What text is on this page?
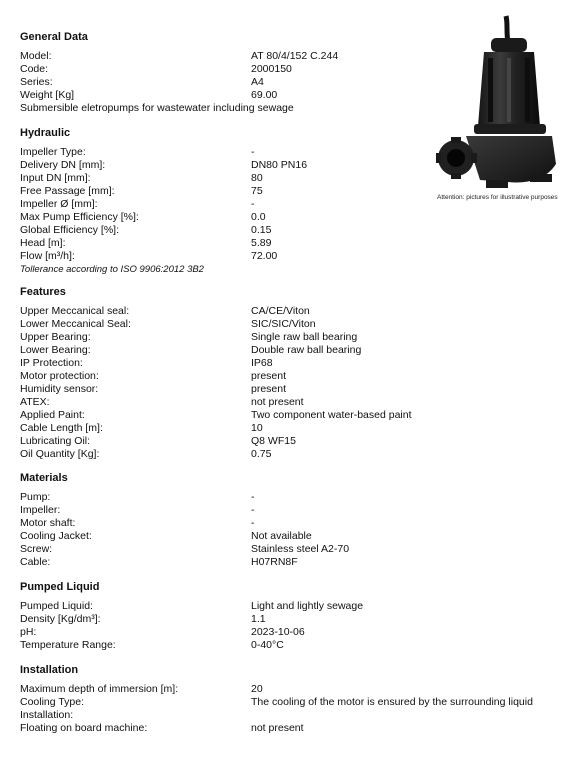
General Data
Model:	AT 80/4/152 C.244
Code:	2000150
Series:	A4
Weight [Kg]	69.00
Submersible eletropumps for wastewater including sewage
Hydraulic
Impeller Type:	-
Delivery DN [mm]:	DN80 PN16
Input DN [mm]:	80
Free Passage [mm]:	75
Impeller Ø [mm]:	-
Max Pump Efficiency [%]:	0.0
Global Efficiency [%]:	0.15
Head [m]:	5.89
Flow [m³/h]:	72.00
Tollerance according to ISO 9906:2012 3B2
Features
Upper Meccanical seal:	CA/CE/Viton
Lower Meccanical Seal:	SIC/SIC/Viton
Upper Bearing:	Single raw ball bearing
Lower Bearing:	Double raw ball bearing
IP Protection:	IP68
Motor protection:	present
Humidity sensor:	present
ATEX:	not present
Applied Paint:	Two component water-based paint
Cable Length [m]:	10
Lubricating Oil:	Q8 WF15
Oil Quantity [Kg]:	0.75
Materials
Pump:	-
Impeller:	-
Motor shaft:	-
Cooling Jacket:	Not available
Screw:	Stainless steel A2-70
Cable:	H07RN8F
Pumped Liquid
Pumped Liquid:	Light and lightly sewage
Density [Kg/dm³]:	1.1
pH:	2023-10-06
Temperature Range:	0-40°C
Installation
Maximum depth of immersion [m]:	20
Cooling Type:	The cooling of the motor is ensured by the surrounding liquid
Installation:
Floating on board machine:	not present
Attention: pictures for illustrative purposes
